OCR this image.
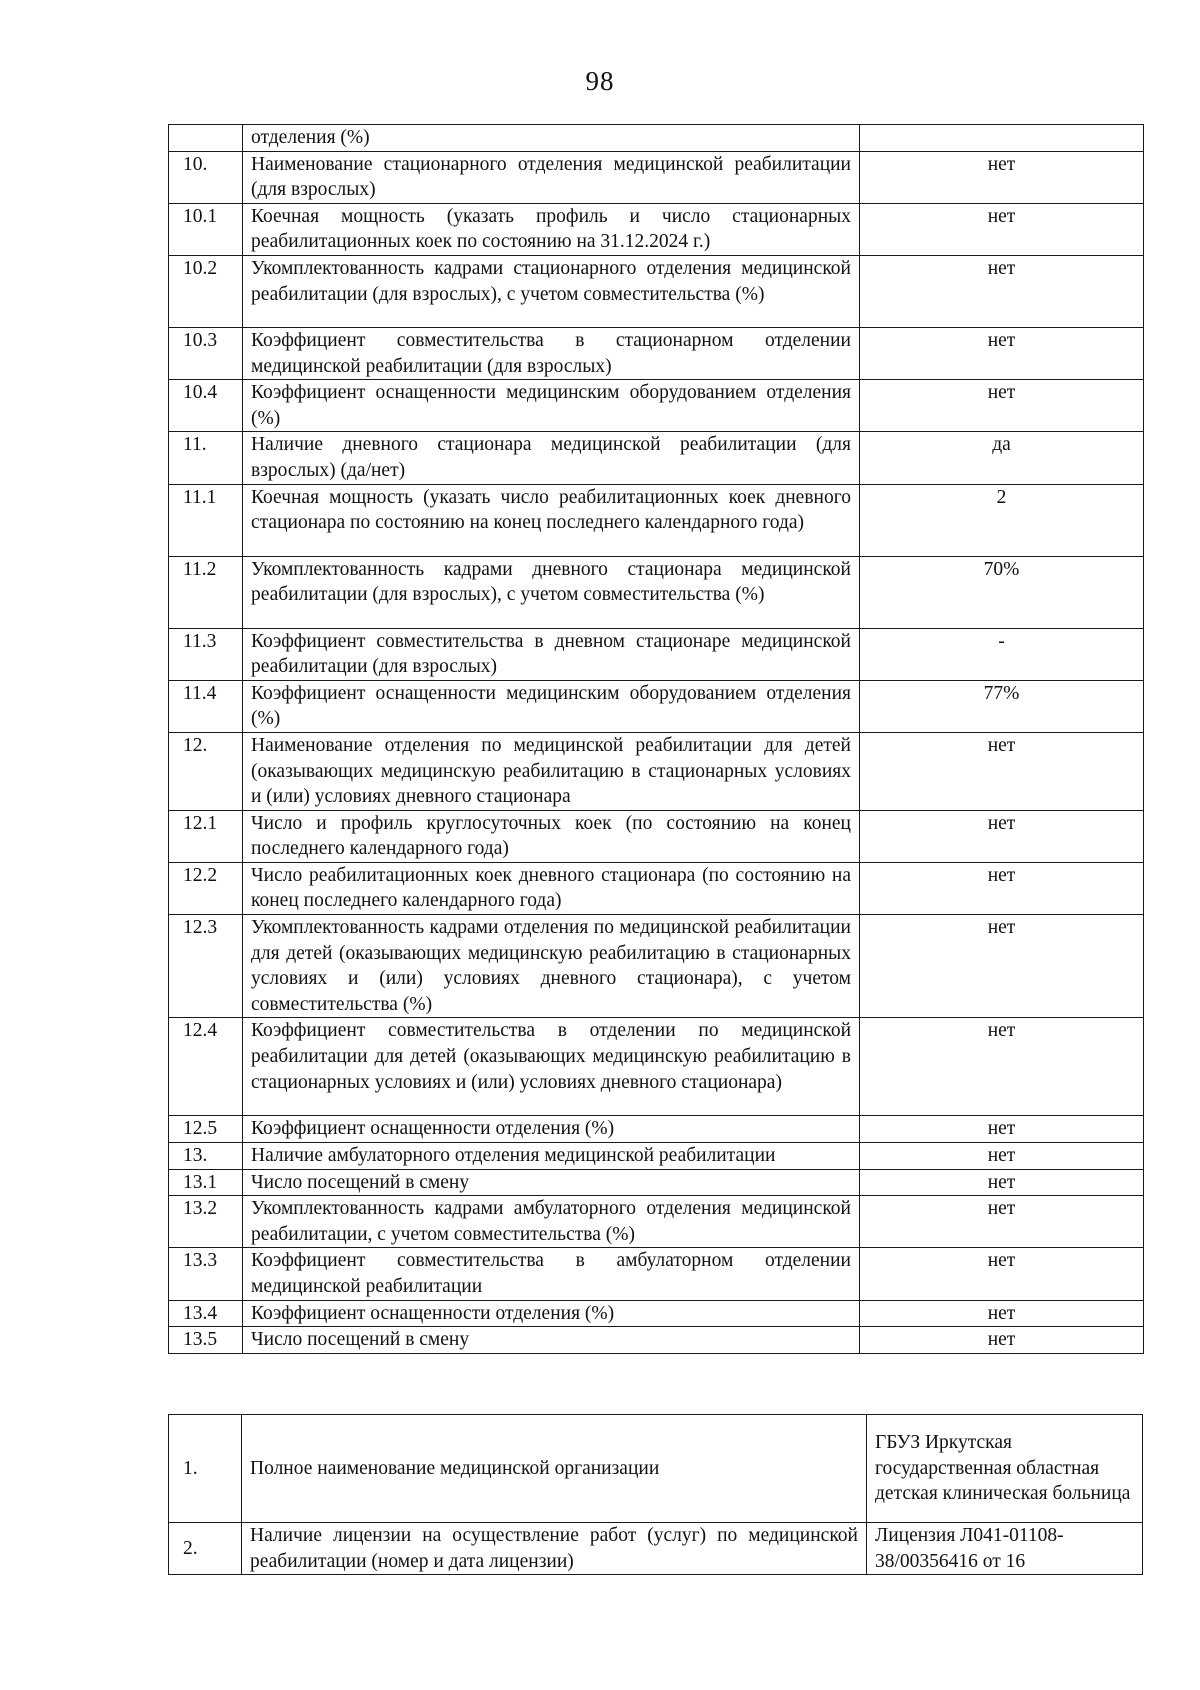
98
	отделения (%)	
10.	Наименование стационарного отделения медицинской реабилитации (для взрослых)	нет
10.1	Коечная мощность (указать профиль и число стационарных реабилитационных коек по состоянию на 31.12.2024 г.)	нет
10.2	Укомплектованность кадрами стационарного отделения медицинской реабилитации (для взрослых), с учетом совместительства (%)	нет
10.3	Коэффициент совместительства в стационарном отделении медицинской реабилитации (для взрослых)	нет
10.4	Коэффициент оснащенности медицинским оборудованием отделения (%)	нет
11.	Наличие дневного стационара медицинской реабилитации (для взрослых) (да/нет)	да
11.1	Коечная мощность (указать число реабилитационных коек дневного стационара по состоянию на конец последнего календарного года)	2
11.2	Укомплектованность кадрами дневного стационара медицинской реабилитации (для взрослых), с учетом совместительства (%)	70%
11.3	Коэффициент совместительства в дневном стационаре медицинской реабилитации (для взрослых)	-
11.4	Коэффициент оснащенности медицинским оборудованием отделения (%)	77%
12.	Наименование отделения по медицинской реабилитации для детей (оказывающих медицинскую реабилитацию в стационарных условиях и (или) условиях дневного стационара	нет
12.1	Число и профиль круглосуточных коек (по состоянию на конец последнего календарного года)	нет
12.2	Число реабилитационных коек дневного стационара (по состоянию на конец последнего календарного года)	нет
12.3	Укомплектованность кадрами отделения по медицинской реабилитации для детей (оказывающих медицинскую реабилитацию в стационарных условиях и (или) условиях дневного стационара), с учетом совместительства (%)	нет
12.4	Коэффициент совместительства в отделении по медицинской реабилитации для детей (оказывающих медицинскую реабилитацию в стационарных условиях и (или) условиях дневного стационара)	нет
12.5	Коэффициент оснащенности отделения (%)	нет
13.	Наличие амбулаторного отделения медицинской реабилитации	нет
13.1	Число посещений в смену	нет
13.2	Укомплектованность кадрами амбулаторного отделения медицинской реабилитации, с учетом совместительства (%)	нет
13.3	Коэффициент совместительства в амбулаторном отделении медицинской реабилитации	нет
13.4	Коэффициент оснащенности отделения (%)	нет
13.5	Число посещений в смену	нет
1.	Полное наименование медицинской организации	ГБУЗ Иркутская государственная областная детская клиническая больница
2.	Наличие лицензии на осуществление работ (услуг) по медицинской реабилитации (номер и дата лицензии)	Лицензия Л041-01108-38/00356416 от 16
